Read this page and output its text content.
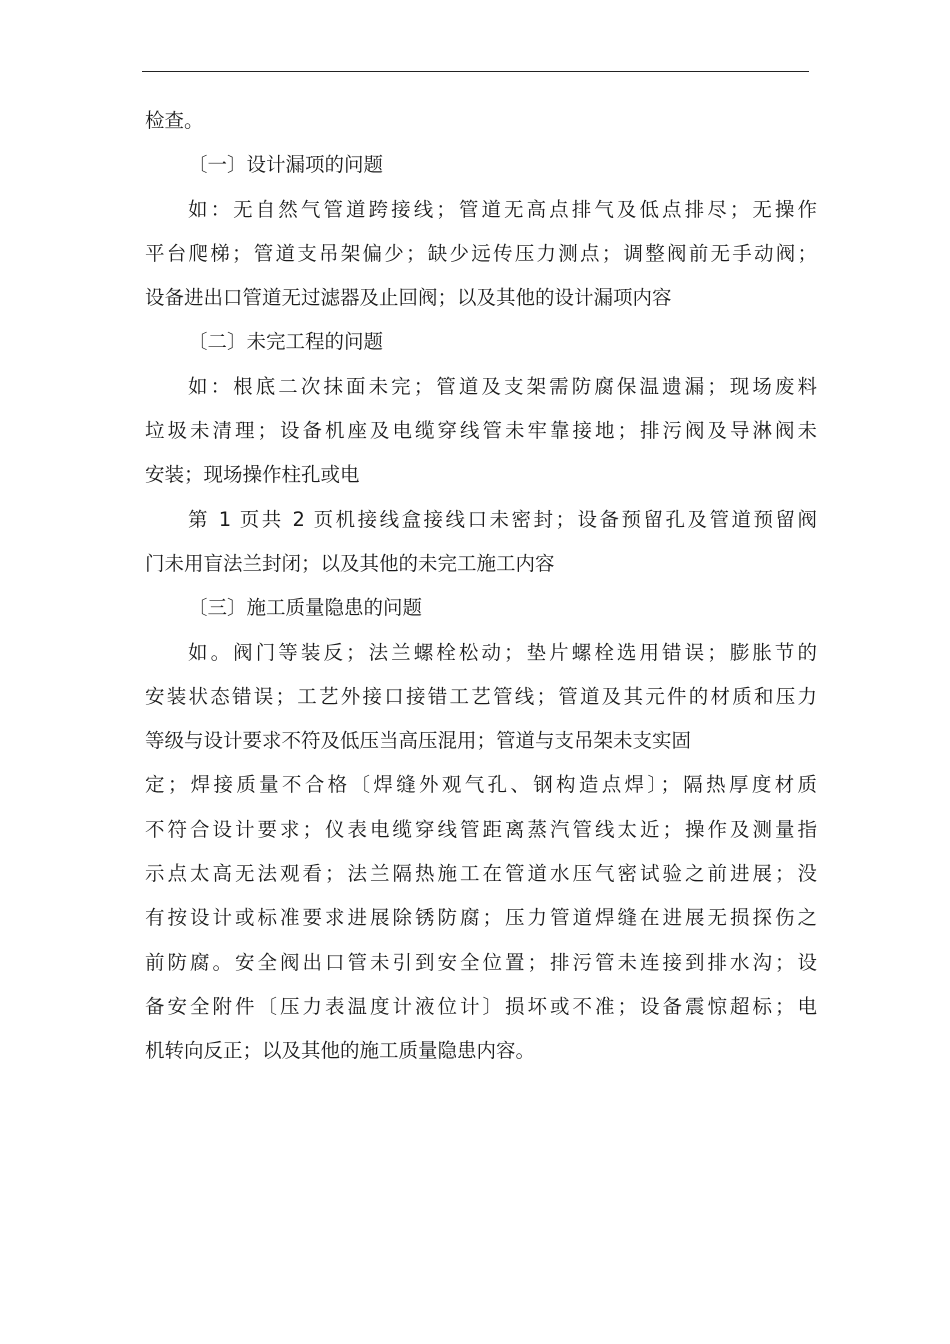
检查。
〔一〕设计漏项的问题
如：无自然气管道跨接线；管道无高点排气及低点排尽；无操作
平台爬梯；管道支吊架偏少；缺少远传压力测点；调整阀前无手动阀；
设备进出口管道无过滤器及止回阀；以及其他的设计漏项内容
〔二〕未完工程的问题
如：根底二次抹面未完；管道及支架需防腐保温遗漏；现场废料
垃圾未清理；设备机座及电缆穿线管未牢靠接地；排污阀及导淋阀未
安装；现场操作柱孔或电
第 1 页共 2 页机接线盒接线口未密封；设备预留孔及管道预留阀
门未用盲法兰封闭；以及其他的未完工施工内容
〔三〕施工质量隐患的问题
如。阀门等装反；法兰螺栓松动；垫片螺栓选用错误；膨胀节的
安装状态错误；工艺外接口接错工艺管线；管道及其元件的材质和压力
等级与设计要求不符及低压当高压混用；管道与支吊架未支实固
定；焊接质量不合格〔焊缝外观气孔、钢构造点焊〕；隔热厚度材质
不符合设计要求；仪表电缆穿线管距离蒸汽管线太近；操作及测量指
示点太高无法观看；法兰隔热施工在管道水压气密试验之前进展；没
有按设计或标准要求进展除锈防腐；压力管道焊缝在进展无损探伤之
前防腐。安全阀出口管未引到安全位置；排污管未连接到排水沟；设
备安全附件〔压力表温度计液位计〕损坏或不准；设备震惊超标；电
机转向反正；以及其他的施工质量隐患内容。
